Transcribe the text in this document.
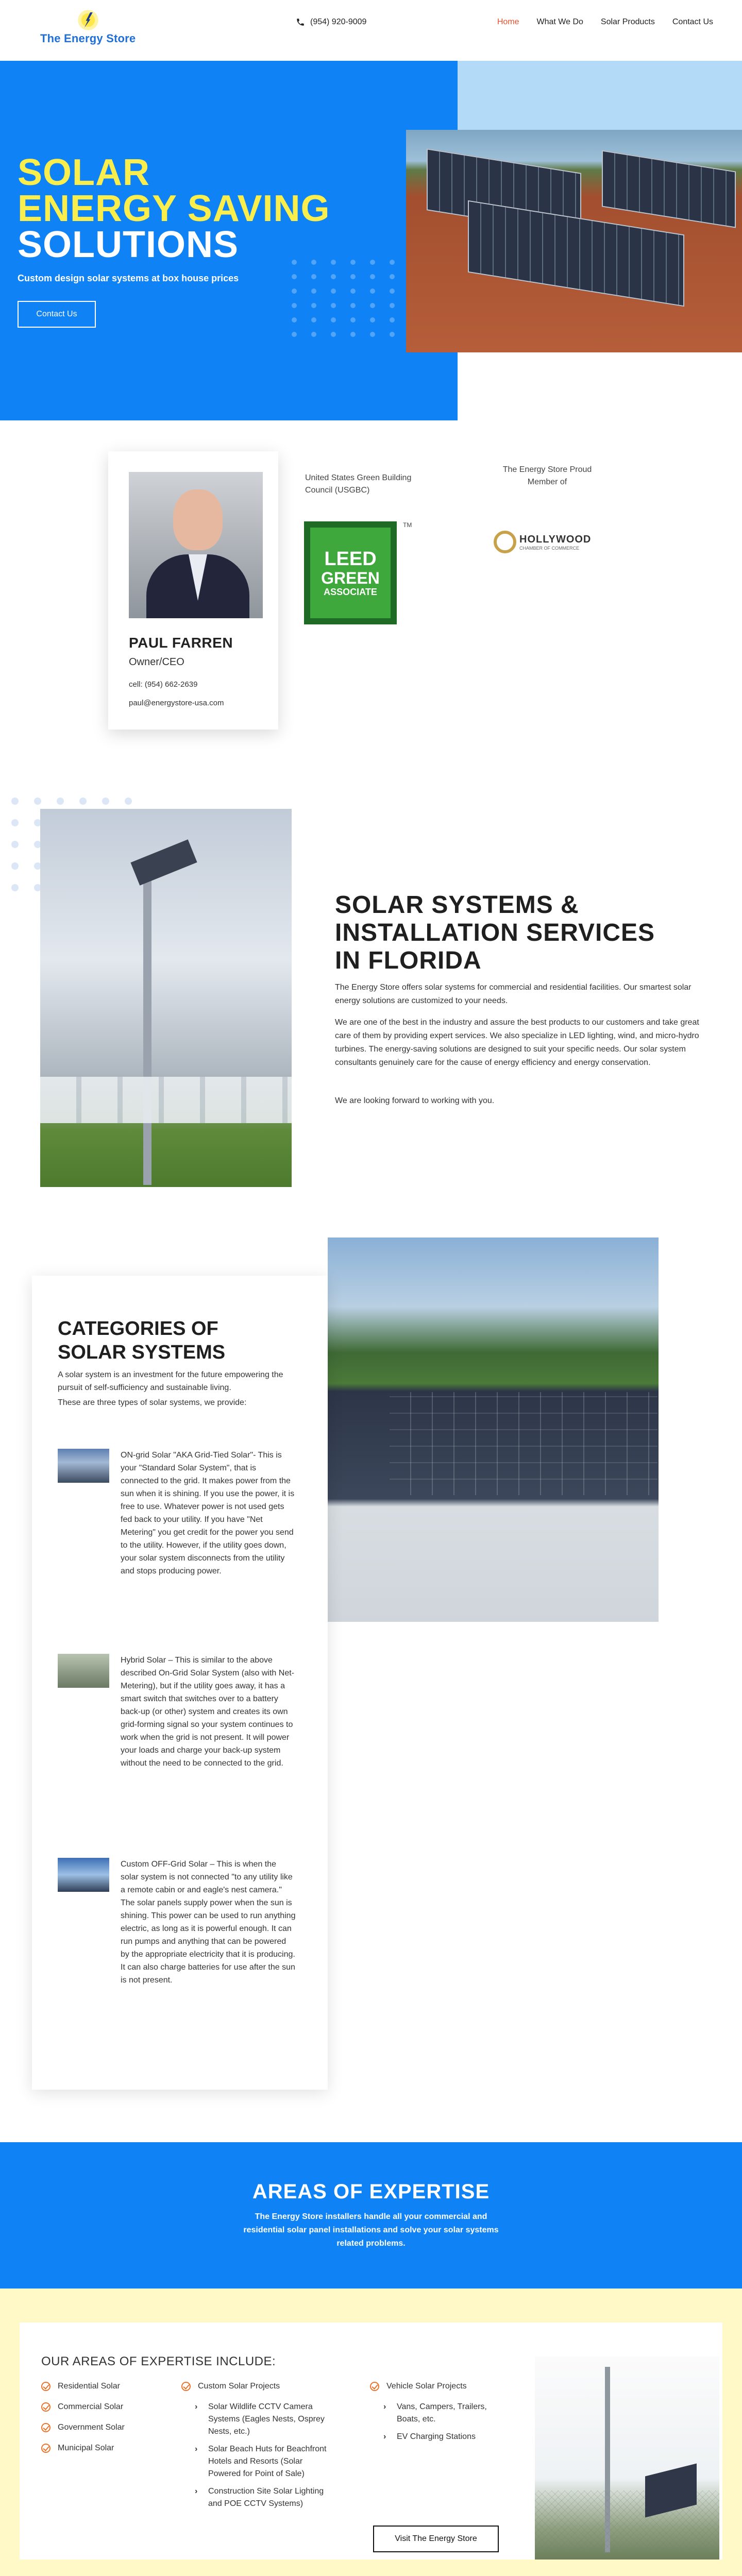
The Energy Store
(954) 920-9009	Home What We Do Solar Products Contact Us
SOLAR
ENERGY SAVING
SOLUTIONS
Custom design solar systems at box house prices
Contact Us
PAUL FARREN
Owner/CEO
cell: (954) 662-2639
paul@energystore-usa.com
United States Green Building Council (USGBC)
LEED
GREEN
ASSOCIATE
TM
The Energy Store Proud Member of
HOLLYWOOD
CHAMBER OF COMMERCE
SOLAR SYSTEMS &
INSTALLATION SERVICES
IN FLORIDA
The Energy Store offers solar systems for commercial and residential facilities. Our smartest solar energy solutions are customized to your needs.
We are one of the best in the industry and assure the best products to our customers and take great care of them by providing expert services. We also specialize in LED lighting, wind, and micro-hydro turbines. The energy-saving solutions are designed to suit your specific needs. Our solar system consultants genuinely care for the cause of energy efficiency and energy conservation.
We are looking forward to working with you.
CATEGORIES OF
SOLAR SYSTEMS
A solar system is an investment for the future empowering the pursuit of self-sufficiency and sustainable living.
These are three types of solar systems, we provide:
ON-grid Solar "AKA Grid-Tied Solar"- This is your "Standard Solar System", that is connected to the grid. It makes power from the sun when it is shining. If you use the power, it is free to use. Whatever power is not used gets fed back to your utility. If you have "Net Metering" you get credit for the power you send to the utility. However, if the utility goes down, your solar system disconnects from the utility and stops producing power.
Hybrid Solar – This is similar to the above described On-Grid Solar System (also with Net-Metering), but if the utility goes away, it has a smart switch that switches over to a battery back-up (or other) system and creates its own grid-forming signal so your system continues to work when the grid is not present. It will power your loads and charge your back-up system without the need to be connected to the grid.
Custom OFF-Grid Solar – This is when the solar system is not connected "to any utility like a remote cabin or and eagle's nest camera." The solar panels supply power when the sun is shining. This power can be used to run anything electric, as long as it is powerful enough. It can run pumps and anything that can be powered by the appropriate electricity that it is producing. It can also charge batteries for use after the sun is not present.
AREAS OF EXPERTISE
The Energy Store installers handle all your commercial and residential solar panel installations and solve your solar systems related problems.
OUR AREAS OF EXPERTISE INCLUDE:
Residential Solar
Commercial Solar
Government Solar
Municipal Solar
Custom Solar Projects
› Solar Wildlife CCTV Camera Systems (Eagles Nests, Osprey Nests, etc.)
› Solar Beach Huts for Beachfront Hotels and Resorts (Solar Powered for Point of Sale)
› Construction Site Solar Lighting and POE CCTV Systems)
Vehicle Solar Projects
› Vans, Campers, Trailers, Boats, etc.
› EV Charging Stations
Visit The Energy Store
